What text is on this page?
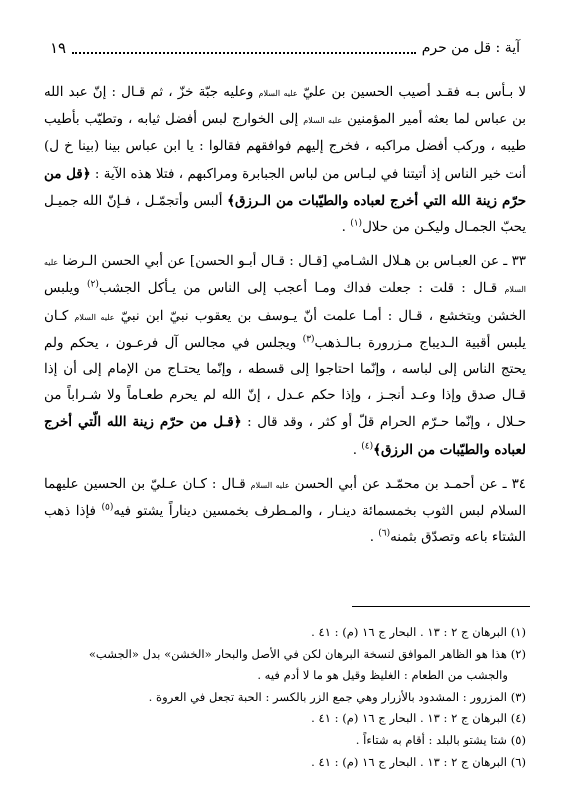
آية : قل من حرم
١٩

لا بـأس بـه فقـد أصيب الحسين بن عليّ عليه السلام وعليه جبّة خزّ ، ثم قـال : إنّ عبد الله بن عباس لما بعثه أمير المؤمنين عليه السلام إلى الخوارج لبس أفضل ثيابه ، وتطيّب بأطيب طيبه ، وركب أفضل مراكبه ، فخرج إليهم فوافقهم فقالوا : يا ابن عباس بينا (بينا خ ل) أنت خير الناس إذ أتيتنا في لبـاس من لباس الجبابرة ومراكبهم ، فتلا هذه الآية : ﴿قل من حرّم زينة الله التي أخرج لعباده والطيّبات من الـرزق﴾ ألبس وأتجمّـل ، فـإنّ الله جميـل يحبّ الجمـال وليكـن من حلال$^{(١)}$ .

٣٣ ـ عن العبـاس بن هـلال الشـامي [قـال : قـال أبـو الحسن] عن أبي الحسن الـرضا عليه السلام قـال : قلت : جعلت فداك ومـا أعجب إلى الناس من يـأكل الجشب$^{(٢)}$ ويلبس الخشن ويتخشع ، قـال : أمـا علمت أنّ يـوسف بن يعقوب نبيّ ابن نبيّ عليه السلام كـان يلبس أقبية الـديباج مـزرورة بـالـذهب$^{(٣)}$ ويجلس في مجالس آل فرعـون ، يحكم ولم يحتج الناس إلى لباسه ، وإنّما احتاجوا إلى قسطه ، وإنّما يحتـاج من الإمام إلى أن إذا قـال صدق وإذا وعـد أنجـز ، وإذا حكم عـدل ، إنّ الله لم يحرم طعـاماً ولا شـراباً من حـلال ، وإنّما حـرّم الحرام قلّ أو كثر ، وقد قال : ﴿قـل من حرّم زينة الله الّتي أخرج لعباده والطيّبات من الرزق﴾$^{(٤)}$ .

٣٤ ـ عن أحمـد بن محمّـد عن أبي الحسن عليه السلام قـال : كـان عـليّ بن الحسين عليهما السلام لبس الثوب بخمسمائة دينـار ، والمـطرف بخمسين ديناراً يشتو فيه$^{(٥)}$ فإذا ذهب الشتاء باعه وتصدّق بثمنه$^{(٦)}$ .

(١) البرهان ج ٢ : ١٣ . البحار ج ١٦ (م) : ٤١ .

(٢) هذا هو الظاهر الموافق لنسخة البرهان لكن في الأصل والبحار «الخشن» بدل «الجشب»

والجشب من الطعام : الغليظ وقيل هو ما لا أدم فيه .

(٣) المزرور : المشدود بالأزرار وهي جمع الزر بالكسر : الحبة تجعل في العروة .

(٤) البرهان ج ٢ : ١٣ . البحار ج ١٦ (م) : ٤١ .

(٥) شتا يشتو بالبلد : أقام به شتاءاً .

(٦) البرهان ج ٢ : ١٣ . البحار ج ١٦ (م) : ٤١ .
